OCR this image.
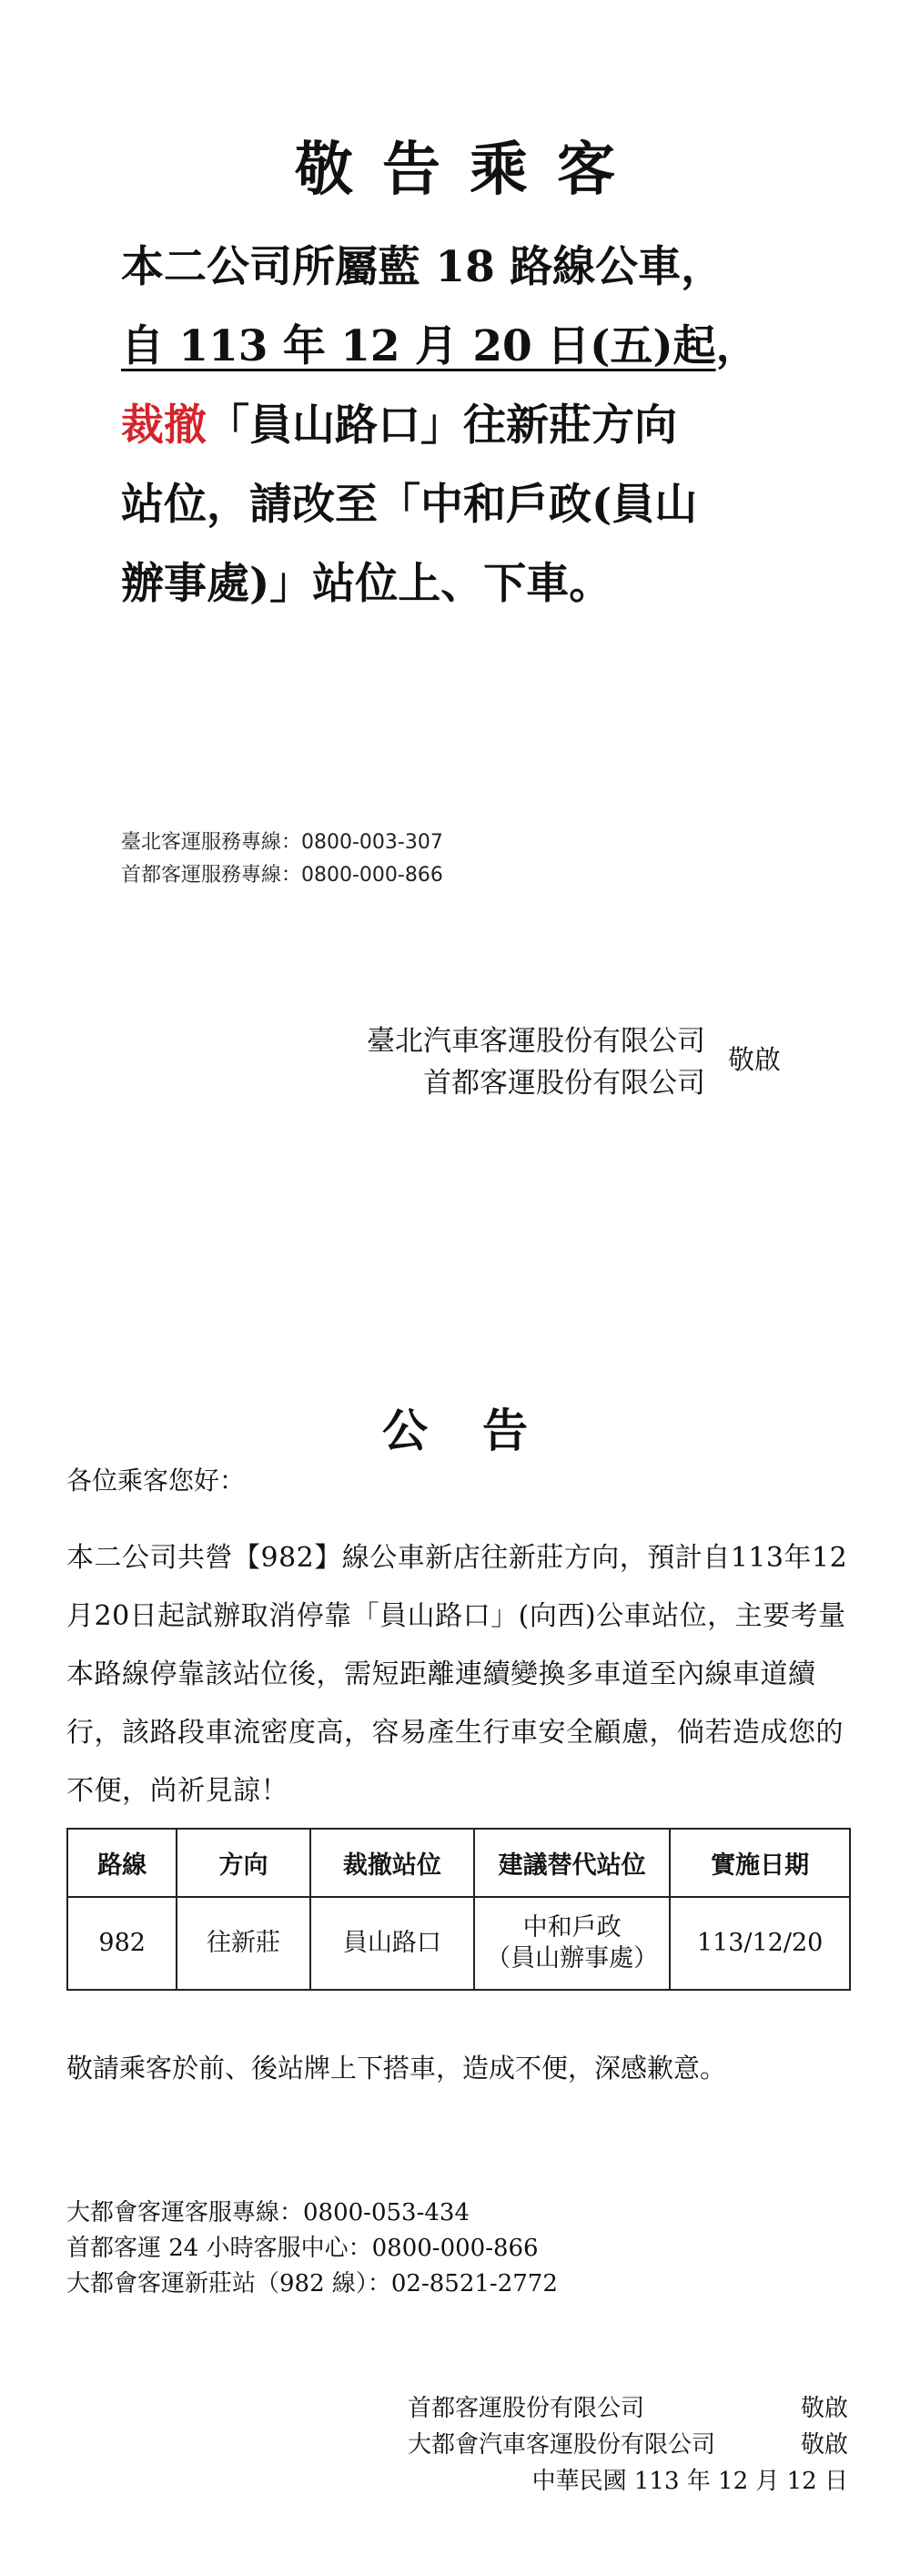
敬告乘客
本二公司所屬藍 18 路線公車，
自 113 年 12 月 20 日(五)起，
裁撤「員山路口」往新莊方向
站位，請改至「中和戶政(員山
辦事處)」站位上、下車。
臺北客運服務專線：0800-003-307
首都客運服務專線：0800-000-866
臺北汽車客運股份有限公司
首都客運股份有限公司
敬啟
公告
各位乘客您好：
本二公司共營【982】線公車新店往新莊方向，預計自113年12月20日起試辦取消停靠「員山路口」(向西)公車站位，主要考量本路線停靠該站位後，需短距離連續變換多車道至內線車道續行，該路段車流密度高，容易產生行車安全顧慮，倘若造成您的不便，尚祈見諒！
路線	方向	裁撤站位	建議替代站位	實施日期
982	往新莊	員山路口	中和戶政
（員山辦事處）	113/12/20
敬請乘客於前、後站牌上下搭車，造成不便，深感歉意。
大都會客運客服專線：0800-053-434
首都客運 24 小時客服中心：0800-000-866
大都會客運新莊站（982 線）：02-8521-2772
首都客運股份有限公司	敬啟
大都會汽車客運股份有限公司	敬啟
中華民國 113 年 12 月 12 日
